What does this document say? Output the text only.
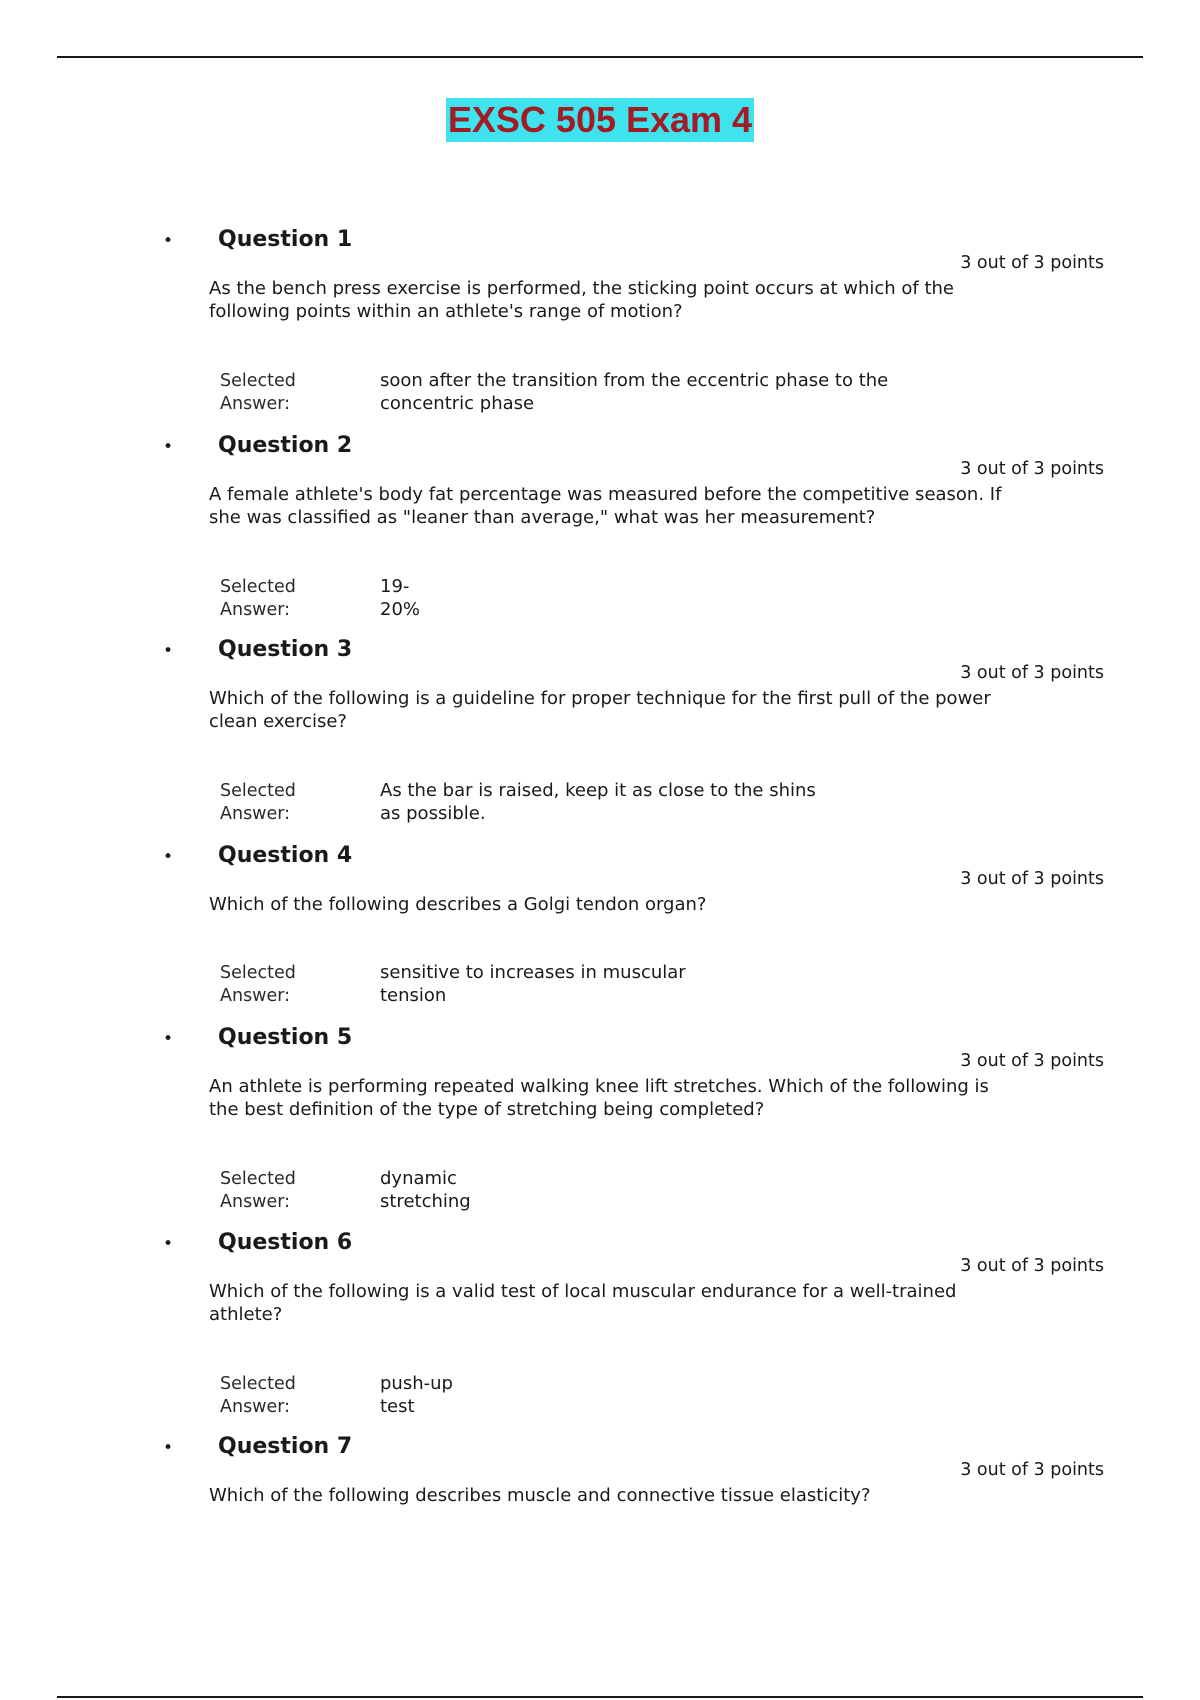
EXSC 505 Exam 4
• Question 1
3 out of 3 points
As the bench press exercise is performed, the sticking point occurs at which of the
following points within an athlete's range of motion?
Selected
Answer:
soon after the transition from the eccentric phase to the
concentric phase
• Question 2
3 out of 3 points
A female athlete's body fat percentage was measured before the competitive season. If
she was classified as "leaner than average," what was her measurement?
Selected
Answer:
19-
20%
• Question 3
3 out of 3 points
Which of the following is a guideline for proper technique for the first pull of the power
clean exercise?
Selected
Answer:
As the bar is raised, keep it as close to the shins
as possible.
• Question 4
3 out of 3 points
Which of the following describes a Golgi tendon organ?
Selected
Answer:
sensitive to increases in muscular
tension
• Question 5
3 out of 3 points
An athlete is performing repeated walking knee lift stretches. Which of the following is
the best definition of the type of stretching being completed?
Selected
Answer:
dynamic
stretching
• Question 6
3 out of 3 points
Which of the following is a valid test of local muscular endurance for a well-trained
athlete?
Selected
Answer:
push-up
test
• Question 7
3 out of 3 points
Which of the following describes muscle and connective tissue elasticity?
